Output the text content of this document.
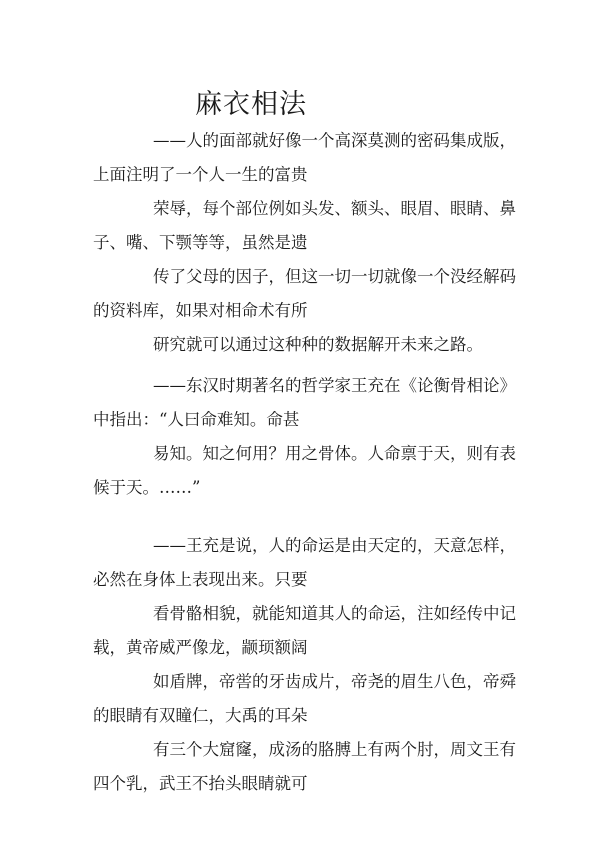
麻衣相法
——人的面部就好像一个高深莫测的密码集成版，
上面注明了一个人一生的富贵
荣辱，每个部位例如头发、额头、眼眉、眼睛、鼻
子、嘴、下颚等等，虽然是遗
传了父母的因子，但这一切一切就像一个没经解码
的资料库，如果对相命术有所
研究就可以通过这种种的数据解开未来之路。
——东汉时期著名的哲学家王充在《论衡骨相论》
中指出：“人曰命难知。命甚
易知。知之何用？用之骨体。人命禀于天，则有表
候于天。……”
——王充是说，人的命运是由天定的，天意怎样，
必然在身体上表现出来。只要
看骨骼相貌，就能知道其人的命运，注如经传中记
载，黄帝威严像龙，颛顼额阔
如盾牌，帝喾的牙齿成片，帝尧的眉生八色，帝舜
的眼睛有双瞳仁，大禹的耳朵
有三个大窟窿，成汤的胳膊上有两个肘，周文王有
四个乳，武王不抬头眼睛就可
